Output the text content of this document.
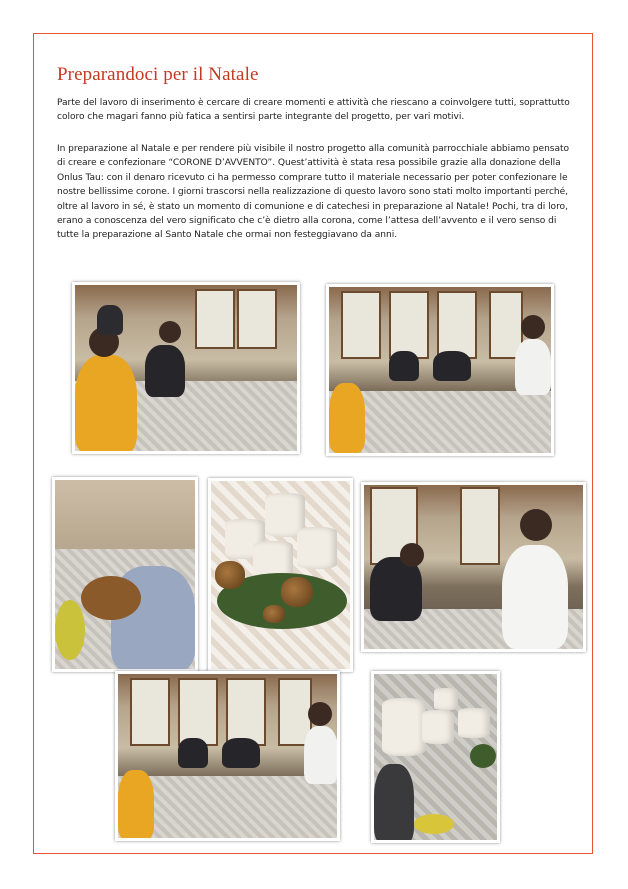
Preparandoci per il Natale

Parte del lavoro di inserimento è cercare di creare momenti e attività che riescano a coinvolgere tutti, soprattutto coloro che magari fanno più fatica a sentirsi parte integrante del progetto, per vari motivi.

In preparazione al Natale e per rendere più visibile il nostro progetto alla comunità parrocchiale abbiamo pensato di creare e confezionare “CORONE D’AVVENTO”. Quest’attività è stata resa possibile grazie alla donazione della Onlus Tau: con il denaro ricevuto ci ha permesso comprare tutto il materiale necessario per poter confezionare le nostre bellissime corone. I giorni trascorsi nella realizzazione di questo lavoro sono stati molto importanti perché, oltre al lavoro in sé, è stato un momento di comunione e di catechesi in preparazione al Natale! Pochi, tra di loro, erano a conoscenza del vero significato che c’è dietro alla corona, come l’attesa dell’avvento e il vero senso di tutte la preparazione al Santo Natale che ormai non festeggiavano da anni.
